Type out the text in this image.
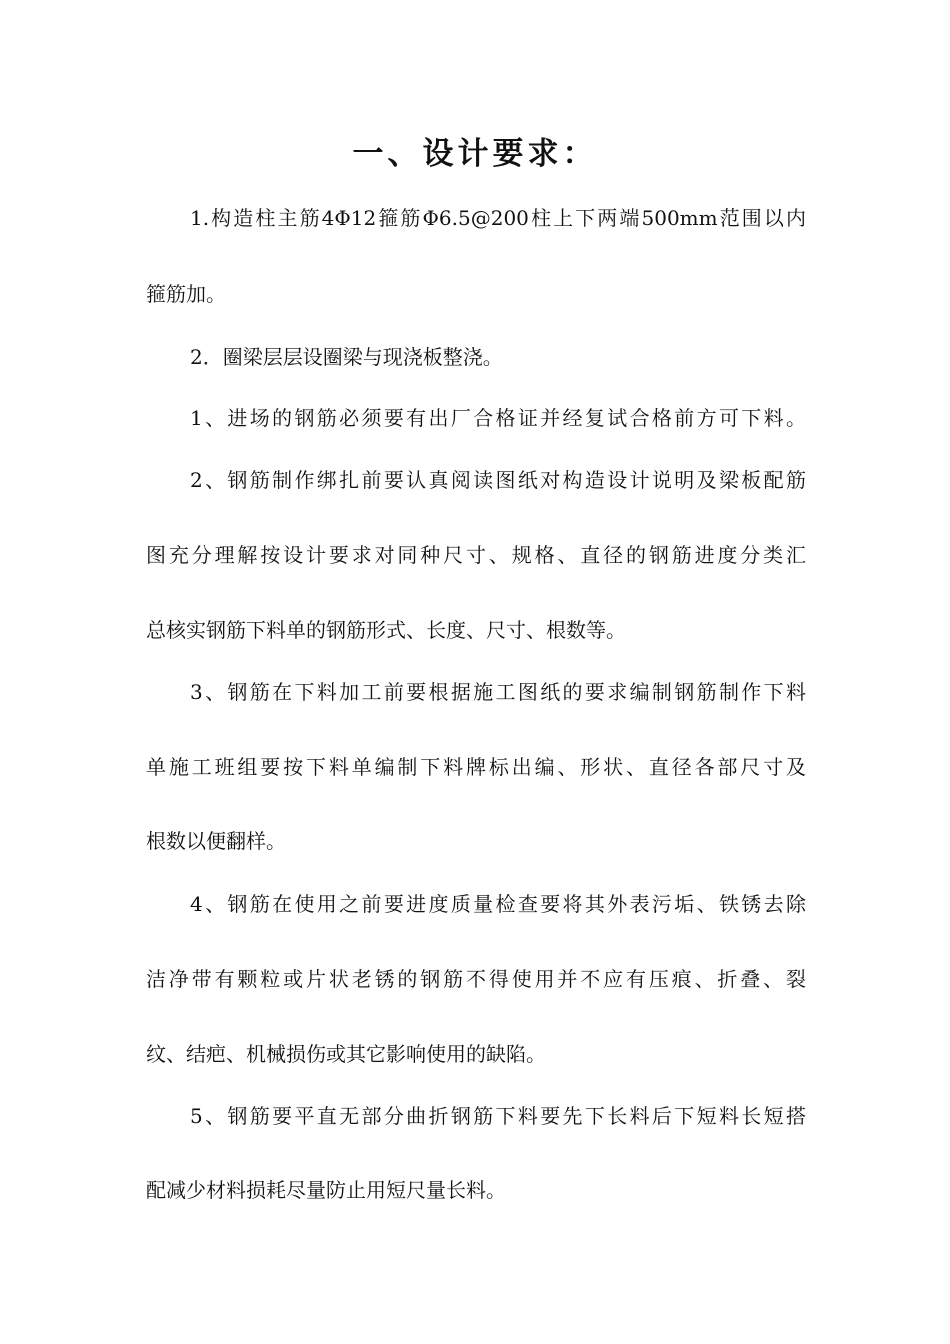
一、设计要求：
1.构造柱主筋4Φ12箍筋Φ6.5@200柱上下两端500mm范围以内
箍筋加。
2．圈梁层层设圈梁与现浇板整浇。
1、进场的钢筋必须要有出厂合格证并经复试合格前方可下料。
2、钢筋制作绑扎前要认真阅读图纸对构造设计说明及梁板配筋
图充分理解按设计要求对同种尺寸、规格、直径的钢筋进度分类汇
总核实钢筋下料单的钢筋形式、长度、尺寸、根数等。
3、钢筋在下料加工前要根据施工图纸的要求编制钢筋制作下料
单施工班组要按下料单编制下料牌标出编、形状、直径各部尺寸及
根数以便翻样。
4、钢筋在使用之前要进度质量检查要将其外表污垢、铁锈去除
洁净带有颗粒或片状老锈的钢筋不得使用并不应有压痕、折叠、裂
纹、结疤、机械损伤或其它影响使用的缺陷。
5、钢筋要平直无部分曲折钢筋下料要先下长料后下短料长短搭
配减少材料损耗尽量防止用短尺量长料。
